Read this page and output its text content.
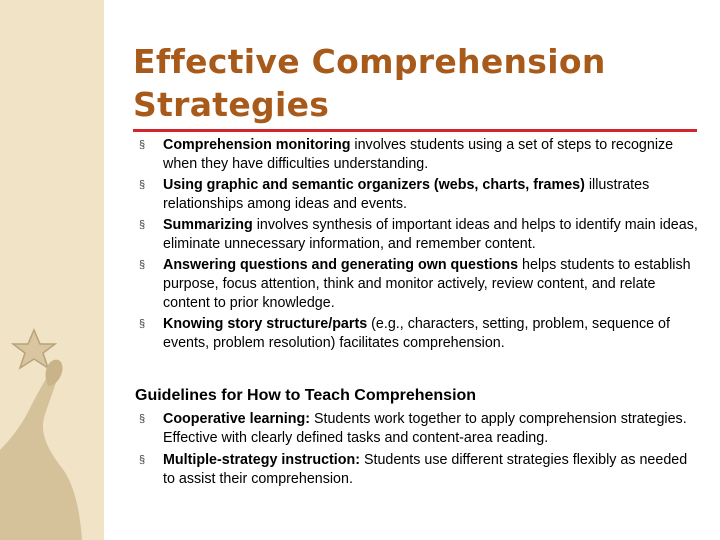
Effective Comprehension
Strategies
§ Comprehension monitoring involves students using a set of steps to recognize when they have difficulties understanding.
§ Using graphic and semantic organizers (webs, charts, frames) illustrates relationships among ideas and events.
§ Summarizing involves synthesis of important ideas and helps to identify main ideas, eliminate unnecessary information, and remember content.
§ Answering questions and generating own questions helps students to establish purpose, focus attention, think and monitor actively, review content, and relate content to prior knowledge.
§ Knowing story structure/parts (e.g., characters, setting, problem, sequence of events, problem resolution) facilitates comprehension.
Guidelines for How to Teach Comprehension
§ Cooperative learning: Students work together to apply comprehension strategies. Effective with clearly defined tasks and content-area reading.
§ Multiple-strategy instruction: Students use different strategies flexibly as needed to assist their comprehension.
